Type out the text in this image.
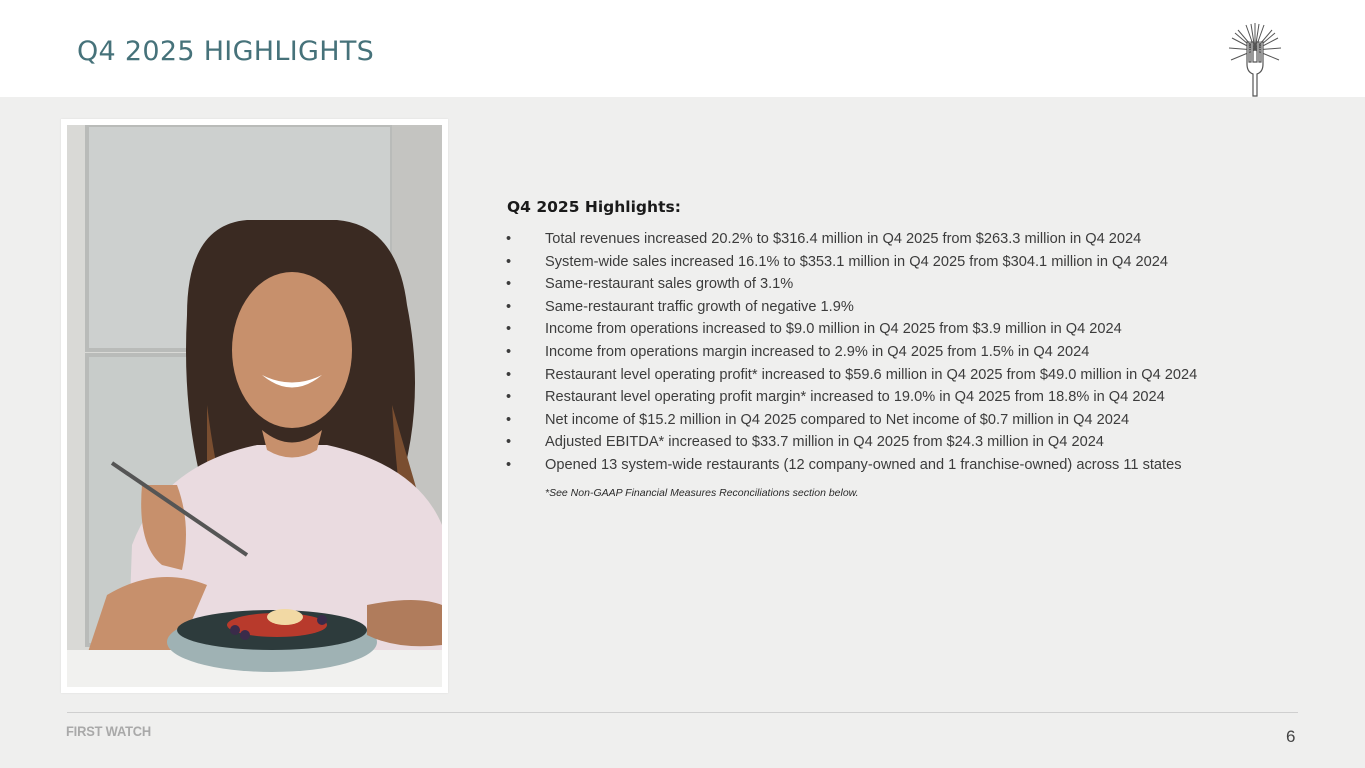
Q4 2025 HIGHLIGHTS
Q4 2025 Highlights:
• Total revenues increased 20.2% to $316.4 million in Q4 2025 from $263.3 million in Q4 2024
• System-wide sales increased 16.1% to $353.1 million in Q4 2025 from $304.1 million in Q4 2024
• Same-restaurant sales growth of 3.1%
• Same-restaurant traffic growth of negative 1.9%
• Income from operations increased to $9.0 million in Q4 2025 from $3.9 million in Q4 2024
• Income from operations margin increased to 2.9% in Q4 2025 from 1.5% in Q4 2024
• Restaurant level operating profit* increased to $59.6 million in Q4 2025 from $49.0 million in Q4 2024
• Restaurant level operating profit margin* increased to 19.0% in Q4 2025 from 18.8% in Q4 2024
• Net income of $15.2 million in Q4 2025 compared to Net income of $0.7 million in Q4 2024
• Adjusted EBITDA* increased to $33.7 million in Q4 2025 from $24.3 million in Q4 2024
• Opened 13 system-wide restaurants (12 company-owned and 1 franchise-owned) across 11 states
*See Non-GAAP Financial Measures Reconciliations section below.
FIRST WATCH	6
